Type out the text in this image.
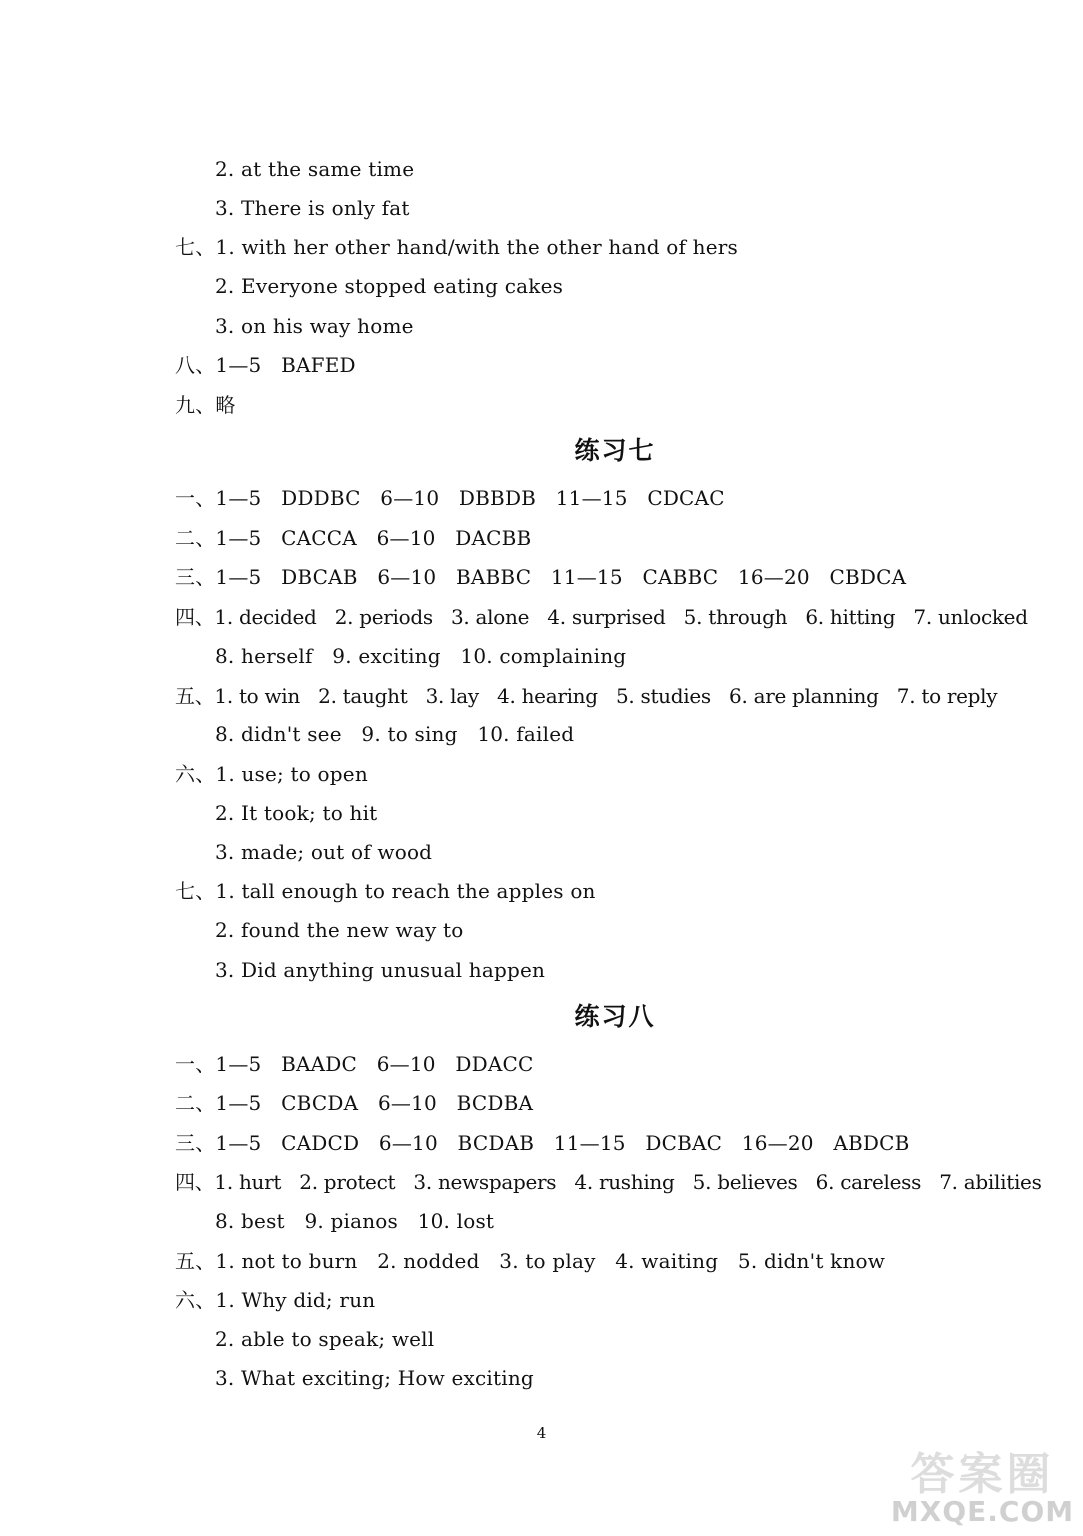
2. at the same time
3. There is only fat
七、1. with her other hand/with the other hand of hers
2. Everyone stopped eating cakes
3. on his way home
八、1—5   BAFED
九、略
练习七
一、1—5   DDDBC   6—10   DBBDB   11—15   CDCAC
二、1—5   CACCA   6—10   DACBB
三、1—5   DBCAB   6—10   BABBC   11—15   CABBC   16—20   CBDCA
四、1. decided   2. periods   3. alone   4. surprised   5. through   6. hitting   7. unlocked
8. herself   9. exciting   10. complaining
五、1. to win   2. taught   3. lay   4. hearing   5. studies   6. are planning   7. to reply
8. didn't see   9. to sing   10. failed
六、1. use; to open
2. It took; to hit
3. made; out of wood
七、1. tall enough to reach the apples on
2. found the new way to
3. Did anything unusual happen
练习八
一、1—5   BAADC   6—10   DDACC
二、1—5   CBCDA   6—10   BCDBA
三、1—5   CADCD   6—10   BCDAB   11—15   DCBAC   16—20   ABDCB
四、1. hurt   2. protect   3. newspapers   4. rushing   5. believes   6. careless   7. abilities
8. best   9. pianos   10. lost
五、1. not to burn   2. nodded   3. to play   4. waiting   5. didn't know
六、1. Why did; run
2. able to speak; well
3. What exciting; How exciting
4
答案圈
MXQE.COM
